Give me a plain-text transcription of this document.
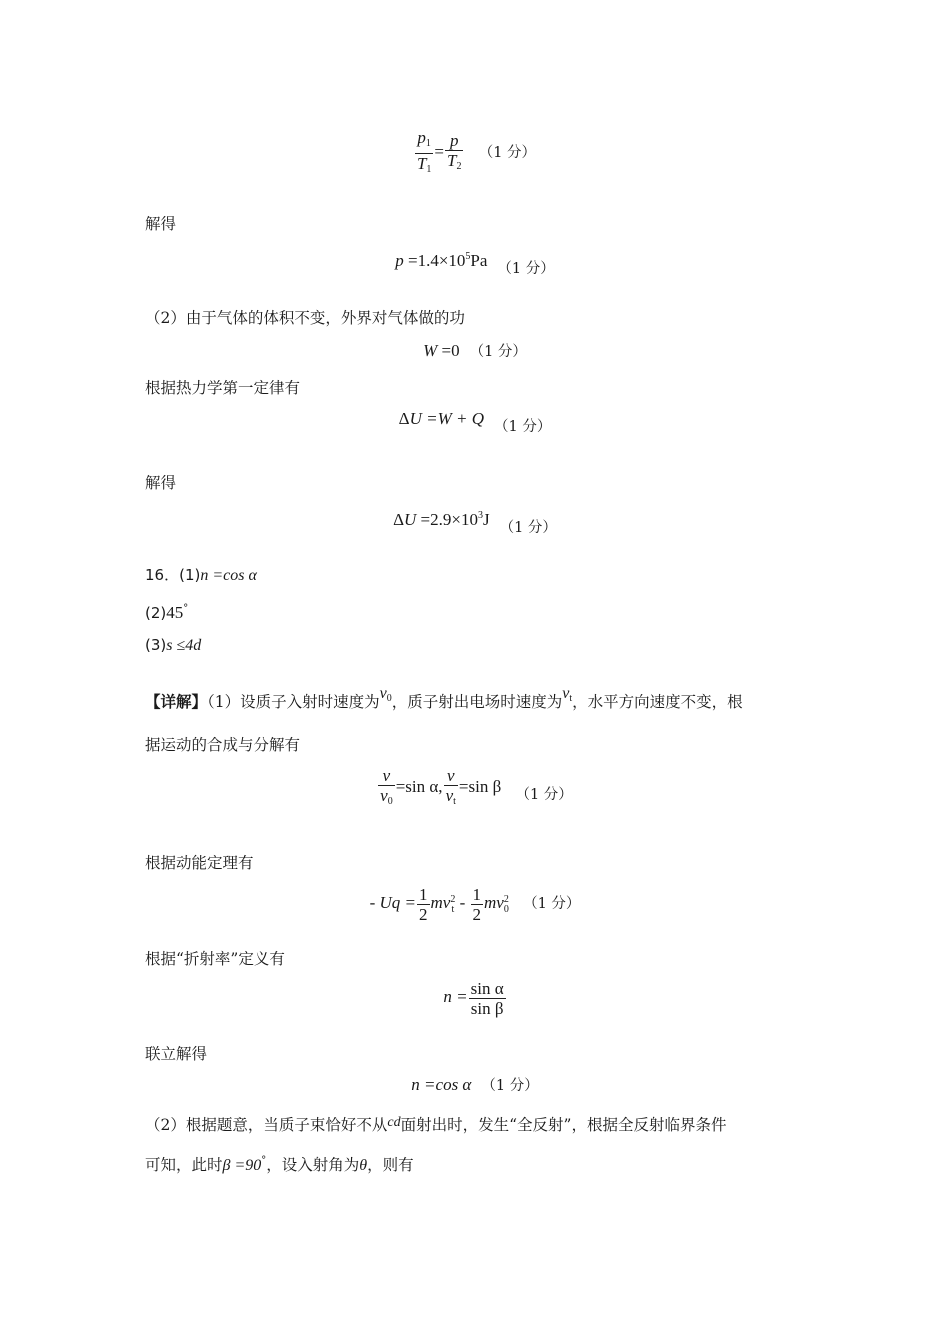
$\frac{p_1}{T_1} = \frac{p}{T_2} (1$ 分）
解得
$p =1.4\times 10^5Pa$ （1 分）
（2）由于气体的体积不变，外界对气体做的功
W =0 （1 分）
根据热力学第一定律有
ΔU =W + Q （1 分）
解得
$\Delta U =2.9\times 10^3J$ （1 分）
16．(1)n =cos α
(2)45°
(3)s ≤4d
【详解】（1）设质子入射时速度为$v_0$，质子射出电场时速度为$v_t$，水平方向速度不变，根
据运动的合成与分解有
$\frac{v}{v_0} =\sin$ α, $\frac{v}{v_t} =\sin$ β （1 分）
根据动能定理有
- $Uq = \frac{1}{2}$ mv 2
t - $\frac{1}{2}$ mv 2
0 （1 分）
根据“折射率”定义有
$n = \frac{\text{sin α}}{\text{sin β}}$
联立解得
n =cos α （1 分）
（2）根据题意，当质子束恰好不从cd面射出时，发生“全反射”，根据全反射临界条件
可知，此时β =90°，设入射角为θ，则有
